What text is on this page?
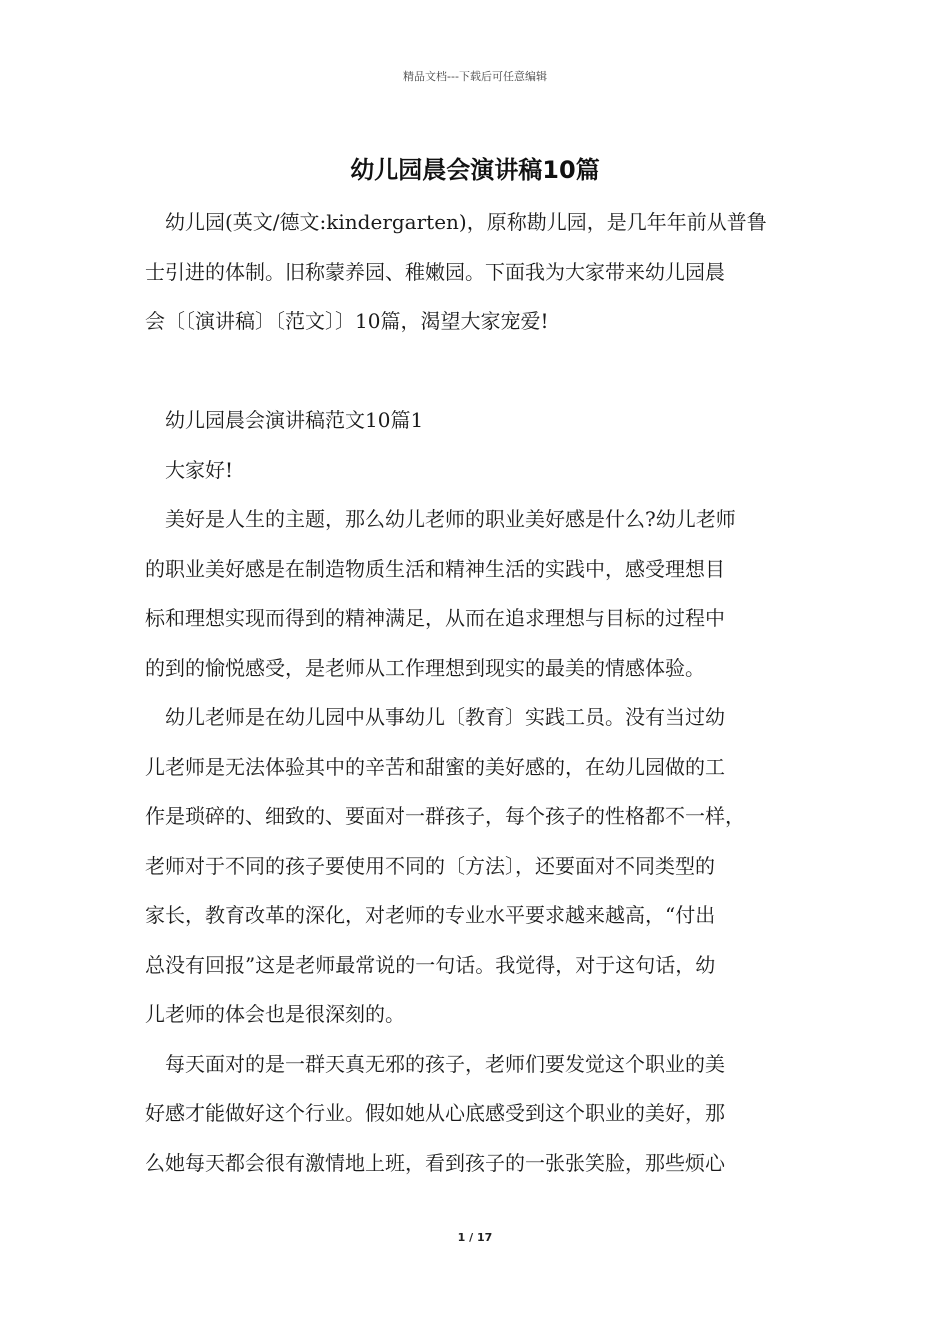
精品文档---下载后可任意编辑
幼儿园晨会演讲稿10篇
幼儿园(英文/德文:kindergarten)，原称勘儿园，是几年年前从普鲁
士引进的体制。旧称蒙养园、稚嫩园。下面我为大家带来幼儿园晨
会〔〔演讲稿〕〔范文〕〕10篇，渴望大家宠爱!
幼儿园晨会演讲稿范文10篇1
大家好!
美好是人生的主题，那么幼儿老师的职业美好感是什么?幼儿老师
的职业美好感是在制造物质生活和精神生活的实践中，感受理想目
标和理想实现而得到的精神满足，从而在追求理想与目标的过程中
的到的愉悦感受，是老师从工作理想到现实的最美的情感体验。
幼儿老师是在幼儿园中从事幼儿〔教育〕实践工员。没有当过幼
儿老师是无法体验其中的辛苦和甜蜜的美好感的，在幼儿园做的工
作是琐碎的、细致的、要面对一群孩子，每个孩子的性格都不一样，
老师对于不同的孩子要使用不同的〔方法〕，还要面对不同类型的
家长，教育改革的深化，对老师的专业水平要求越来越高，“付出
总没有回报”这是老师最常说的一句话。我觉得，对于这句话，幼
儿老师的体会也是很深刻的。
每天面对的是一群天真无邪的孩子，老师们要发觉这个职业的美
好感才能做好这个行业。假如她从心底感受到这个职业的美好，那
么她每天都会很有激情地上班，看到孩子的一张张笑脸，那些烦心
1 / 17
